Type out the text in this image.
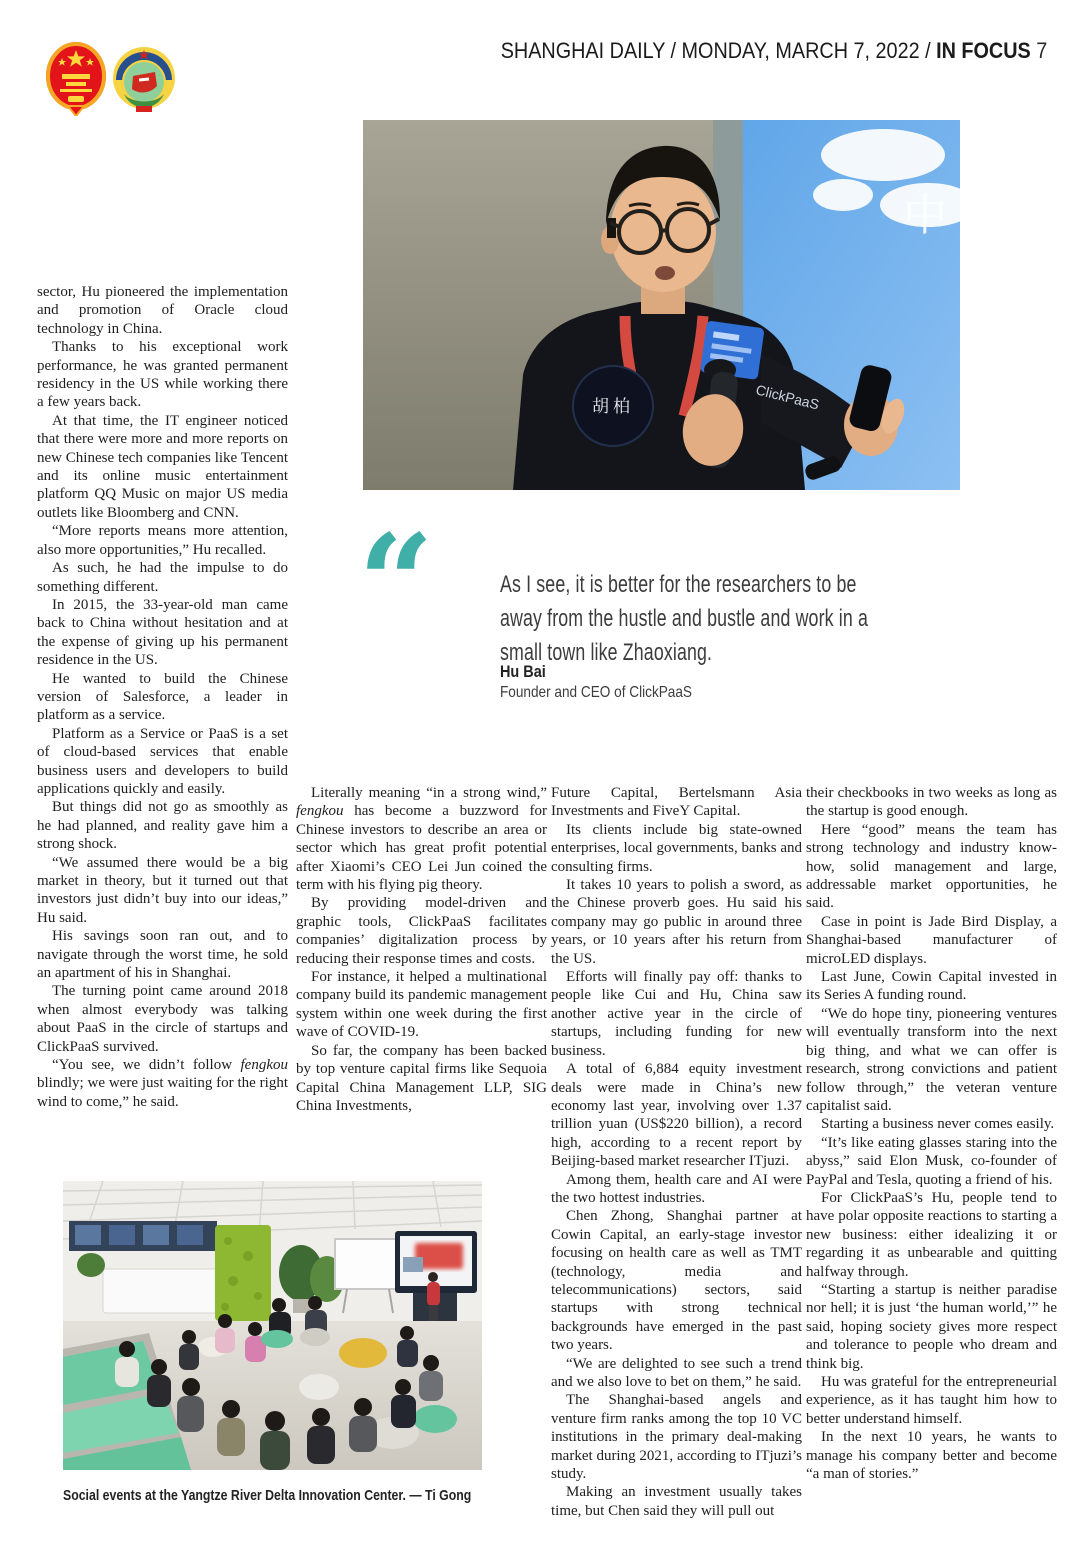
SHANGHAI DAILY / MONDAY, MARCH 7, 2022 / IN FOCUS 7
中
胡柏	ClickPaaS
“	As I see, it is better for the researchers to be
away from the hustle and bustle and work in a
small town like Zhaoxiang.
Hu Bai
Founder and CEO of ClickPaaS

sector, Hu pioneered the implementation and promotion of Oracle cloud technology in China.

Thanks to his exceptional work performance, he was granted permanent residency in the US while working there a few years back.

At that time, the IT engineer noticed that there were more and more reports on new Chinese tech companies like Tencent and its online music entertainment platform QQ Music on major US media outlets like Bloomberg and CNN.

“More reports means more attention, also more opportunities,” Hu recalled.

As such, he had the impulse to do something different.

In 2015, the 33-year-old man came back to China without hesitation and at the expense of giving up his permanent residence in the US.

He wanted to build the Chinese version of Salesforce, a leader in platform as a service.

Platform as a Service or PaaS is a set of cloud-based services that enable business users and developers to build applications quickly and easily.

But things did not go as smoothly as he had planned, and reality gave him a strong shock.

“We assumed there would be a big market in theory, but it turned out that investors just didn’t buy into our ideas,” Hu said.

His savings soon ran out, and to navigate through the worst time, he sold an apartment of his in Shanghai.

The turning point came around 2018 when almost everybody was talking about PaaS in the circle of startups and ClickPaaS survived.

“You see, we didn’t follow fengkou blindly; we were just waiting for the right wind to come,” he said.

Literally meaning “in a strong wind,” fengkou has become a buzzword for Chinese investors to describe an area or sector which has great profit potential after Xiaomi’s CEO Lei Jun coined the term with his flying pig theory.

By providing model-driven and graphic tools, ClickPaaS facilitates companies’ digitalization process by reducing their response times and costs.

For instance, it helped a multinational company build its pandemic management system within one week during the first wave of COVID-19.

So far, the company has been backed by top venture capital firms like Sequoia Capital China Management LLP, SIG China Investments,

Future Capital, Bertelsmann Asia Investments and FiveY Capital.

Its clients include big state-owned enterprises, local governments, banks and consulting firms.

It takes 10 years to polish a sword, as the Chinese proverb goes. Hu said his company may go public in around three years, or 10 years after his return from the US.

Efforts will finally pay off: thanks to people like Cui and Hu, China saw another active year in the circle of startups, including funding for new business.

A total of 6,884 equity investment deals were made in China’s new economy last year, involving over 1.37 trillion yuan (US$220 billion), a record high, according to a recent report by Beijing-based market researcher ITjuzi.

Among them, health care and AI were the two hottest industries.

Chen Zhong, Shanghai partner at Cowin Capital, an early-stage investor focusing on health care as well as TMT (technology, media and telecommunications) sectors, said startups with strong technical backgrounds have emerged in the past two years.

“We are delighted to see such a trend and we also love to bet on them,” he said.

The Shanghai-based angels and venture firm ranks among the top 10 VC institutions in the primary deal-making market during 2021, according to ITjuzi’s study.

Making an investment usually takes time, but Chen said they will pull out

their checkbooks in two weeks as long as the startup is good enough.

Here “good” means the team has strong technology and industry know-how, solid management and large, addressable market opportunities, he said.

Case in point is Jade Bird Display, a Shanghai-based manufacturer of microLED displays.

Last June, Cowin Capital invested in its Series A funding round.

“We do hope tiny, pioneering ventures will eventually transform into the next big thing, and what we can offer is research, strong convictions and patient follow through,” the veteran venture capitalist said.

Starting a business never comes easily.

“It’s like eating glasses staring into the abyss,” said Elon Musk, co-founder of PayPal and Tesla, quoting a friend of his.

For ClickPaaS’s Hu, people tend to have polar opposite reactions to starting a new business: either idealizing it or regarding it as unbearable and quitting halfway through.

“Starting a startup is neither paradise nor hell; it is just ‘the human world,’” he said, hoping society gives more respect and tolerance to people who dream and think big.

Hu was grateful for the entrepreneurial experience, as it has taught him how to better understand himself.

In the next 10 years, he wants to manage his company better and become “a man of stories.”

Social events at the Yangtze River Delta Innovation Center. — Ti Gong
